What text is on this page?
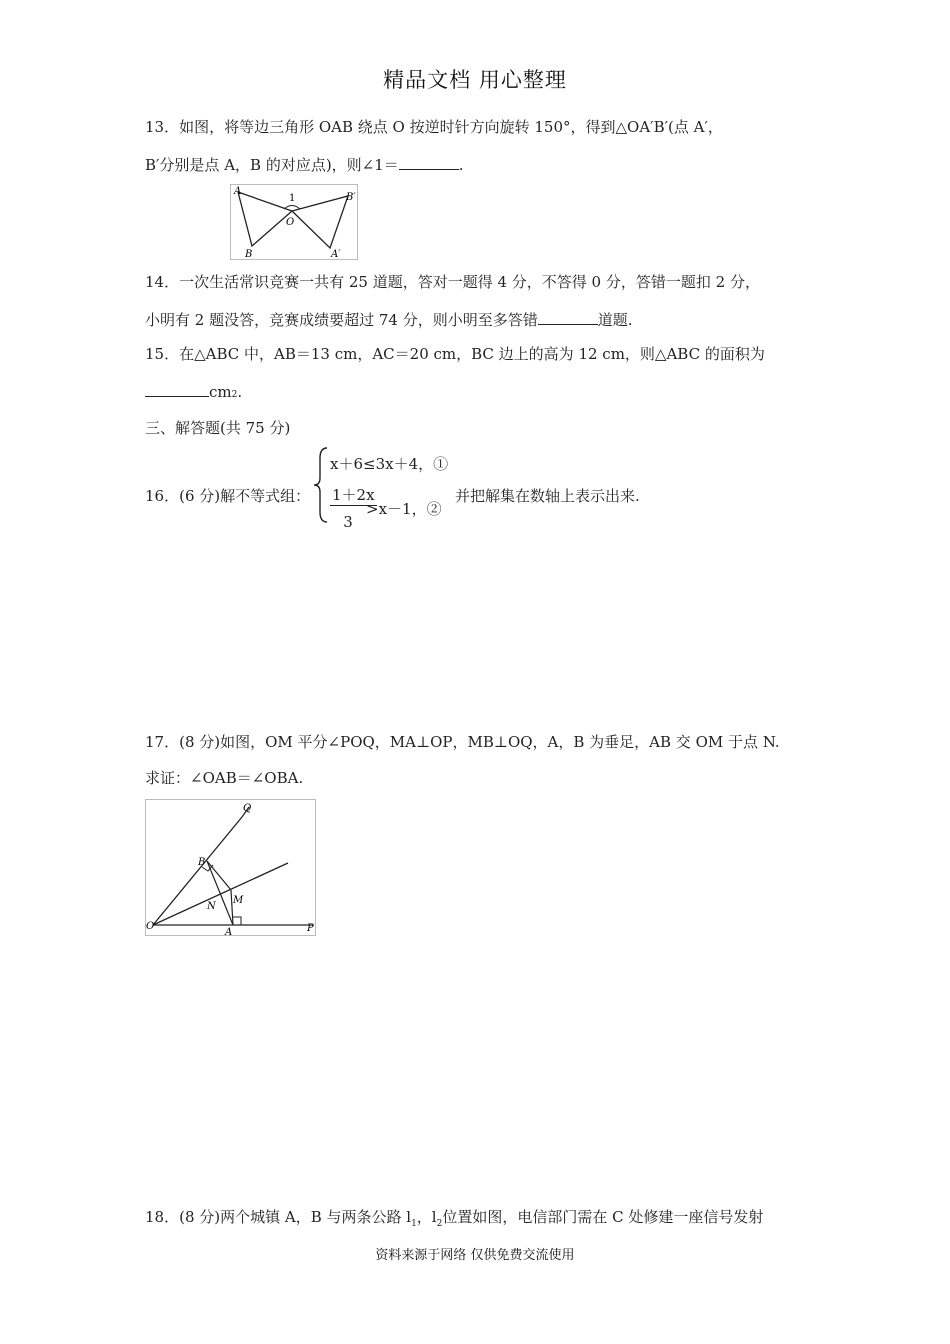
精品文档 用心整理
13．如图，将等边三角形 OAB 绕点 O 按逆时针方向旋转 150°，得到△OA′B′(点 A′，
B′分别是点 A，B 的对应点)，则∠1＝	.
A
B
O
1	B′
A′
14．一次生活常识竞赛一共有 25 道题，答对一题得 4 分，不答得 0 分，答错一题扣 2 分，
小明有 2 题没答，竞赛成绩要超过 74 分，则小明至多答错	道题.
15．在△ABC 中，AB＝13 cm，AC＝20 cm，BC 边上的高为 12 cm，则△ABC 的面积为
cm2.
三、解答题(共 75 分)
16．(6 分)解不等式组：
x＋6≤3x＋4，①
1＋2x
3
>x－1，②
并把解集在数轴上表示出来.
17．(8 分)如图，OM 平分∠POQ，MA⊥OP，MB⊥OQ，A，B 为垂足，AB 交 OM 于点 N.
求证：∠OAB＝∠OBA.
Q
B
M
N
O
A	P
18．(8 分)两个城镇 A，B 与两条公路 $l_1$，$l_2$位置如图，电信部门需在 C 处修建一座信号发射
资料来源于网络 仅供免费交流使用
